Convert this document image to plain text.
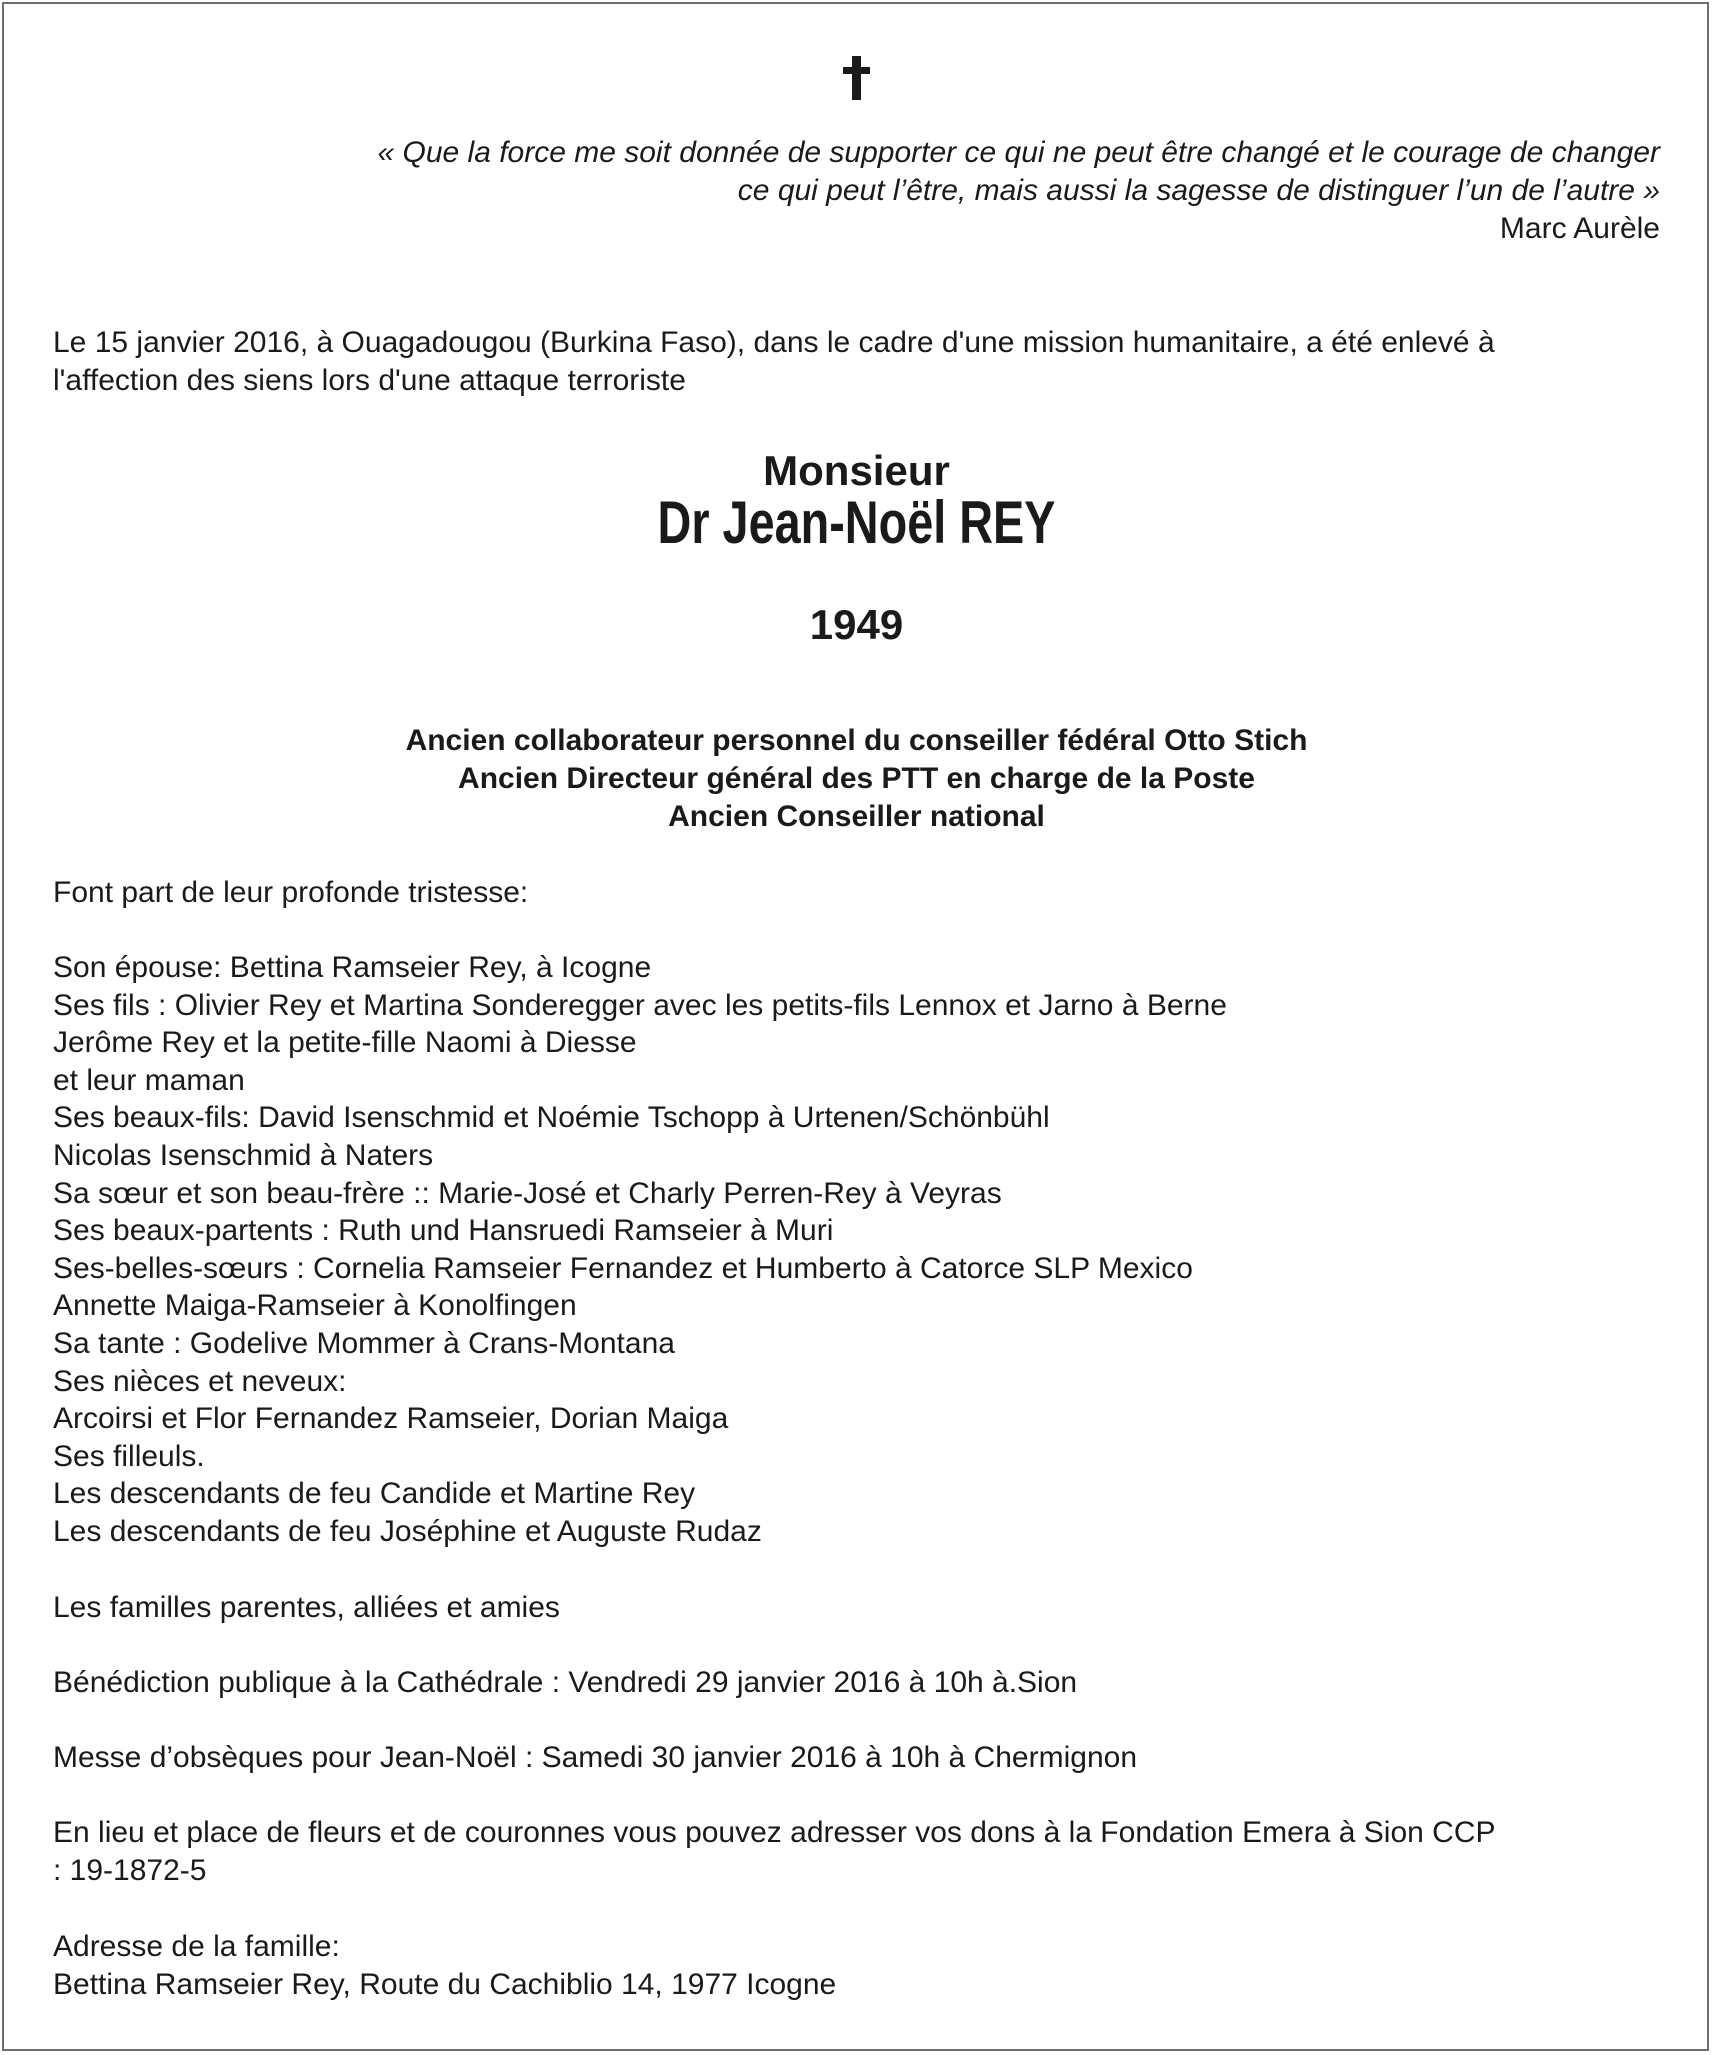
« Que la force me soit donnée de supporter ce qui ne peut être changé et le courage de changer
ce qui peut l’être, mais aussi la sagesse de distinguer l’un de l’autre »
Marc Aurèle
Le 15 janvier 2016, à Ouagadougou (Burkina Faso), dans le cadre d'une mission humanitaire, a été enlevé à
l'affection des siens lors d'une attaque terroriste
Monsieur
Dr Jean-Noël REY
1949
Ancien collaborateur personnel du conseiller fédéral Otto Stich
Ancien Directeur général des PTT en charge de la Poste
Ancien Conseiller national
Font part de leur profonde tristesse:
Son épouse: Bettina Ramseier Rey, à Icogne
Ses fils : Olivier Rey et Martina Sonderegger avec les petits-fils Lennox et Jarno à Berne
Jerôme Rey et la petite-fille Naomi à Diesse
et leur maman
Ses beaux-fils: David Isenschmid et Noémie Tschopp à Urtenen/Schönbühl
Nicolas Isenschmid à Naters
Sa sœur et son beau-frère :: Marie-José et Charly Perren-Rey à Veyras
Ses beaux-partents : Ruth und Hansruedi Ramseier à Muri
Ses-belles-sœurs : Cornelia Ramseier Fernandez et Humberto à Catorce SLP Mexico
Annette Maiga-Ramseier à Konolfingen
Sa tante : Godelive Mommer à Crans-Montana
Ses nièces et neveux:
Arcoirsi et Flor Fernandez Ramseier, Dorian Maiga
Ses filleuls.
Les descendants de feu Candide et Martine Rey
Les descendants de feu Joséphine et Auguste Rudaz
Les familles parentes, alliées et amies
Bénédiction publique à la Cathédrale : Vendredi 29 janvier 2016 à 10h à.Sion
Messe d’obsèques pour Jean-Noël : Samedi 30 janvier 2016 à 10h à Chermignon
En lieu et place de fleurs et de couronnes vous pouvez adresser vos dons à la Fondation Emera à Sion CCP
: 19-1872-5
Adresse de la famille:
Bettina Ramseier Rey, Route du Cachiblio 14, 1977 Icogne
